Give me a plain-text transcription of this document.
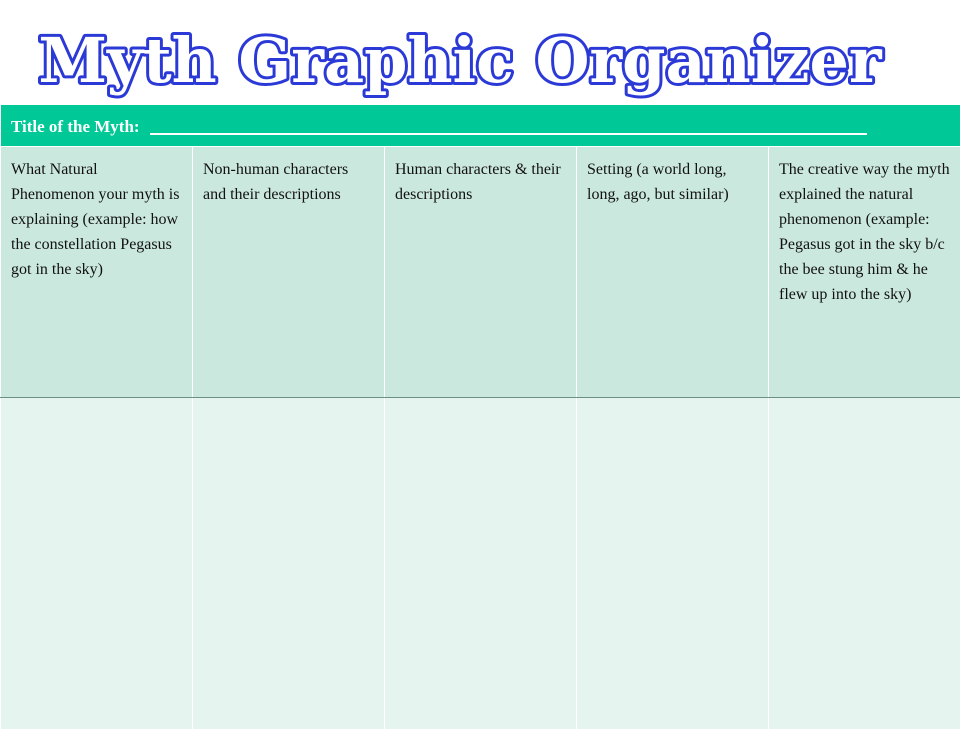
Myth Graphic Organizer
Title of the Myth:				
What Natural Phenomenon your myth is explaining (example: how the constellation Pegasus got in the sky)	Non-human characters and their descriptions	Human characters & their descriptions	Setting (a world long, long, ago, but similar)	The creative way the myth explained the natural phenomenon (example: Pegasus got in the sky b/c the bee stung him & he flew up into the sky)
